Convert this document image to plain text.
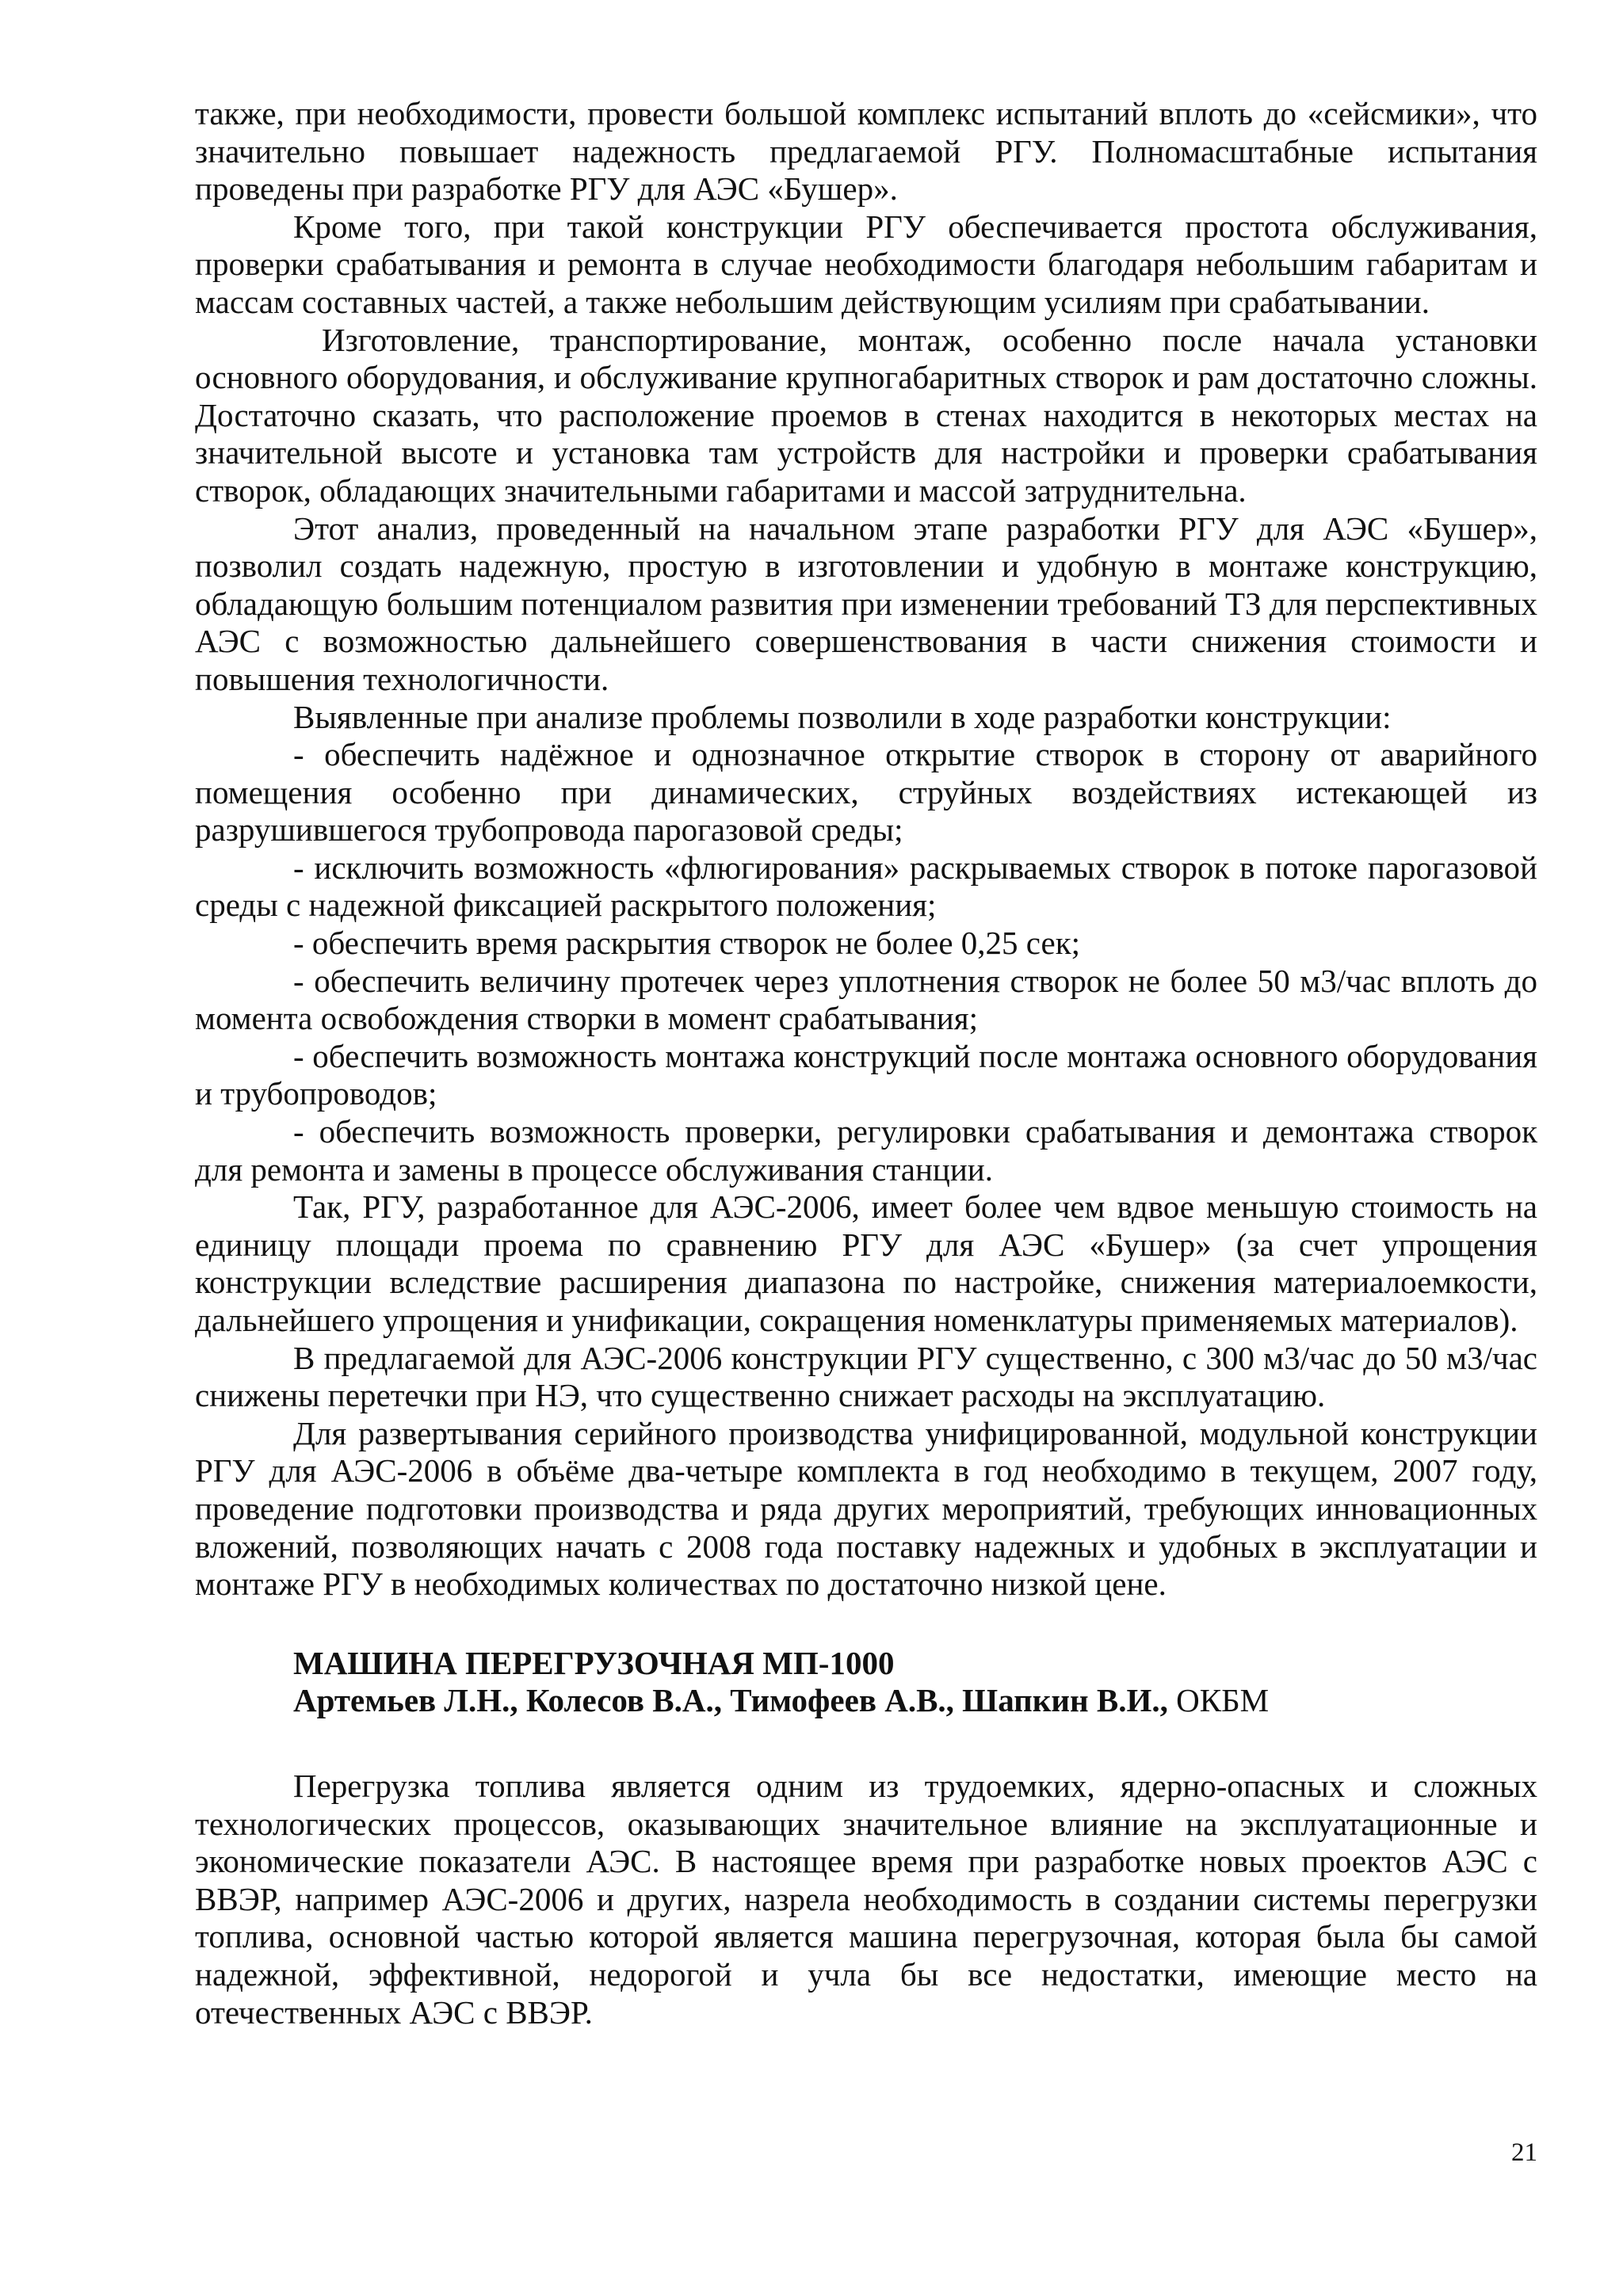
также, при необходимости, провести большой комплекс испытаний вплоть до «сейсмики», что значительно повышает надежность предлагаемой РГУ. Полномасштабные испытания проведены при разработке РГУ для АЭС «Бушер».

Кроме того, при такой конструкции РГУ обеспечивается простота обслуживания, проверки срабатывания и ремонта в случае необходимости благодаря небольшим габаритам и массам составных частей, а также небольшим действующим усилиям при срабатывании.

Изготовление, транспортирование, монтаж, особенно после начала установки основного оборудования, и обслуживание крупногабаритных створок и рам достаточно сложны. Достаточно сказать, что расположение проемов в стенах находится в некоторых местах на значительной высоте и установка там устройств для настройки и проверки срабатывания створок, обладающих значительными габаритами и массой затруднительна.

Этот анализ, проведенный на начальном этапе разработки РГУ для АЭС «Бушер», позволил создать надежную, простую в изготовлении и удобную в монтаже конструкцию, обладающую большим потенциалом развития при изменении требований ТЗ для перспективных АЭС с возможностью дальнейшего совершенствования в части снижения стоимости и повышения технологичности.

Выявленные при анализе проблемы позволили в ходе разработки конструкции:

- обеспечить надёжное и однозначное открытие створок в сторону от аварийного помещения особенно при динамических, струйных воздействиях истекающей из разрушившегося трубопровода парогазовой среды;

- исключить возможность «флюгирования» раскрываемых створок в потоке парогазовой среды с надежной фиксацией раскрытого положения;

- обеспечить время раскрытия створок не более 0,25 сек;

- обеспечить величину протечек через уплотнения створок не более 50 м3/час вплоть до момента освобождения створки в момент срабатывания;

- обеспечить возможность монтажа конструкций после монтажа основного оборудования и трубопроводов;

- обеспечить возможность проверки, регулировки срабатывания и демонтажа створок для ремонта и замены в процессе обслуживания станции.

Так, РГУ, разработанное для АЭС-2006, имеет более чем вдвое меньшую стоимость на единицу площади проема по сравнению РГУ для АЭС «Бушер» (за счет упрощения конструкции вследствие расширения диапазона по настройке, снижения материалоемкости, дальнейшего упрощения и унификации, сокращения номенклатуры применяемых материалов).

В предлагаемой для АЭС-2006 конструкции РГУ существенно, с 300 м3/час до 50 м3/час снижены перетечки при НЭ, что существенно снижает расходы на эксплуатацию.

Для развертывания серийного производства унифицированной, модульной конструкции РГУ для АЭС-2006 в объёме два-четыре комплекта в год необходимо в текущем, 2007 году, проведение подготовки производства и ряда других мероприятий, требующих инновационных вложений, позволяющих начать с 2008 года поставку надежных и удобных в эксплуатации и монтаже РГУ в необходимых количествах по достаточно низкой цене.

МАШИНА ПЕРЕГРУЗОЧНАЯ МП-1000

Артемьев Л.Н., Колесов В.А., Тимофеев А.В., Шапкин В.И., ОКБМ

Перегрузка топлива является одним из трудоемких, ядерно-опасных и сложных технологических процессов, оказывающих значительное влияние на эксплуатационные и экономические показатели АЭС. В настоящее время при разработке новых проектов АЭС с ВВЭР, например АЭС-2006 и других, назрела необходимость в создании системы перегрузки топлива, основной частью которой является машина перегрузочная, которая была бы самой надежной, эффективной, недорогой и учла бы все недостатки, имеющие место на отечественных АЭС с ВВЭР.

21
